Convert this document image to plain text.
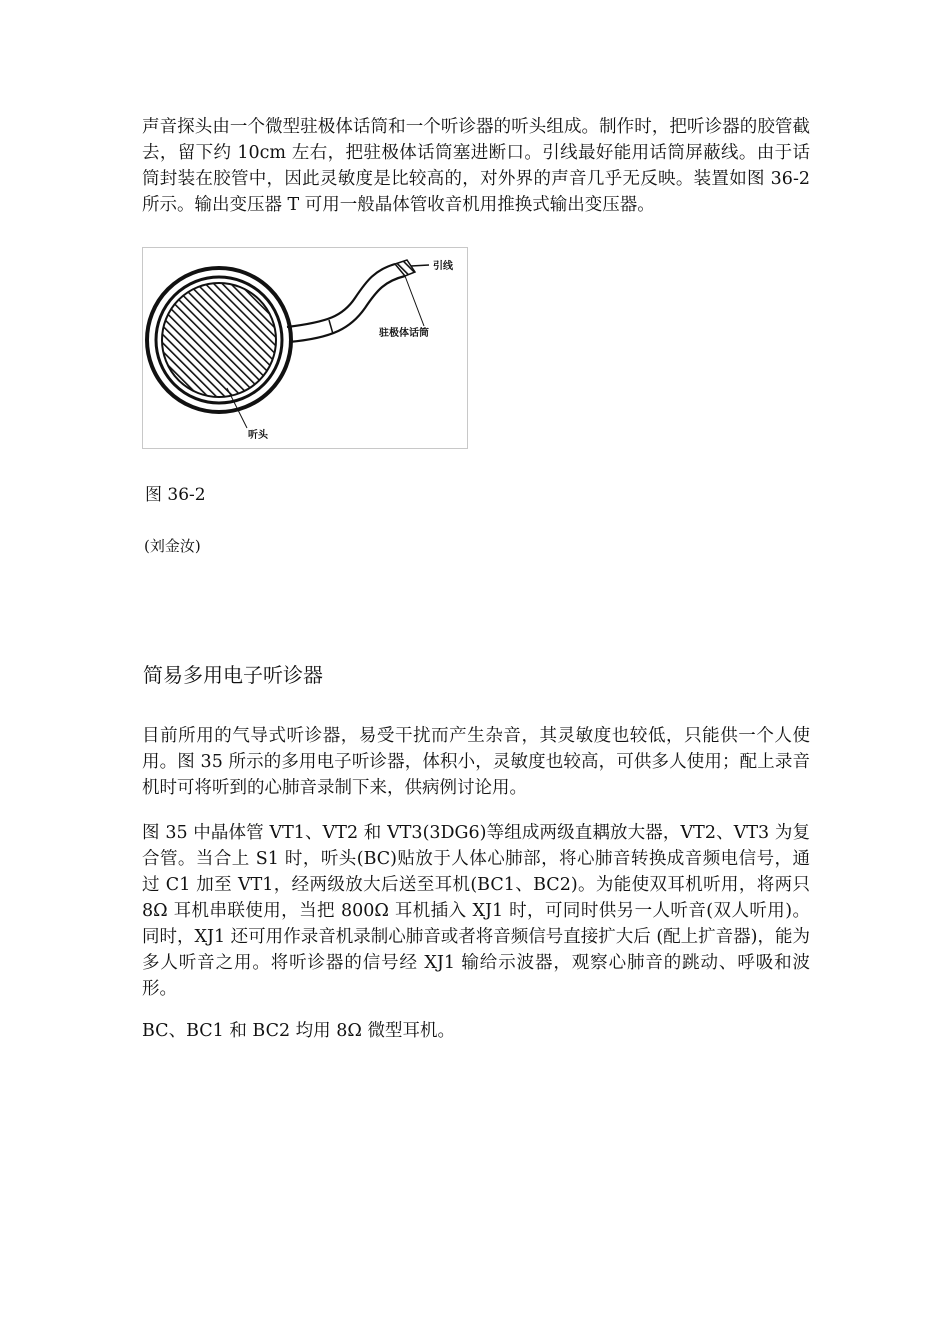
声音探头由一个微型驻极体话筒和一个听诊器的听头组成。制作时，把听诊器的胶管截去，留下约 10cm 左右，把驻极体话筒塞进断口。引线最好能用话筒屏蔽线。由于话筒封装在胶管中，因此灵敏度是比较高的，对外界的声音几乎无反映。装置如图 36-2 所示。输出变压器 T 可用一般晶体管收音机用推换式输出变压器。

引线
驻极体话筒
听头

图 36-2

(刘金汝)

简易多用电子听诊器

目前所用的气导式听诊器，易受干扰而产生杂音，其灵敏度也较低，只能供一个人使用。图 35 所示的多用电子听诊器，体积小，灵敏度也较高，可供多人使用；配上录音机时可将听到的心肺音录制下来，供病例讨论用。

图 35 中晶体管 VT1、VT2 和 VT3(3DG6)等组成两级直耦放大器，VT2、VT3 为复合管。当合上 S1 时，听头(BC)贴放于人体心肺部，将心肺音转换成音频电信号，通过 C1 加至 VT1，经两级放大后送至耳机(BC1、BC2)。为能使双耳机听用，将两只 8Ω 耳机串联使用，当把 800Ω 耳机插入 XJ1 时，可同时供另一人听音(双人听用)。同时，XJ1 还可用作录音机录制心肺音或者将音频信号直接扩大后 (配上扩音器)，能为多人听音之用。将听诊器的信号经 XJ1 输给示波器，观察心肺音的跳动、呼吸和波形。

BC、BC1 和 BC2 均用 8Ω 微型耳机。
